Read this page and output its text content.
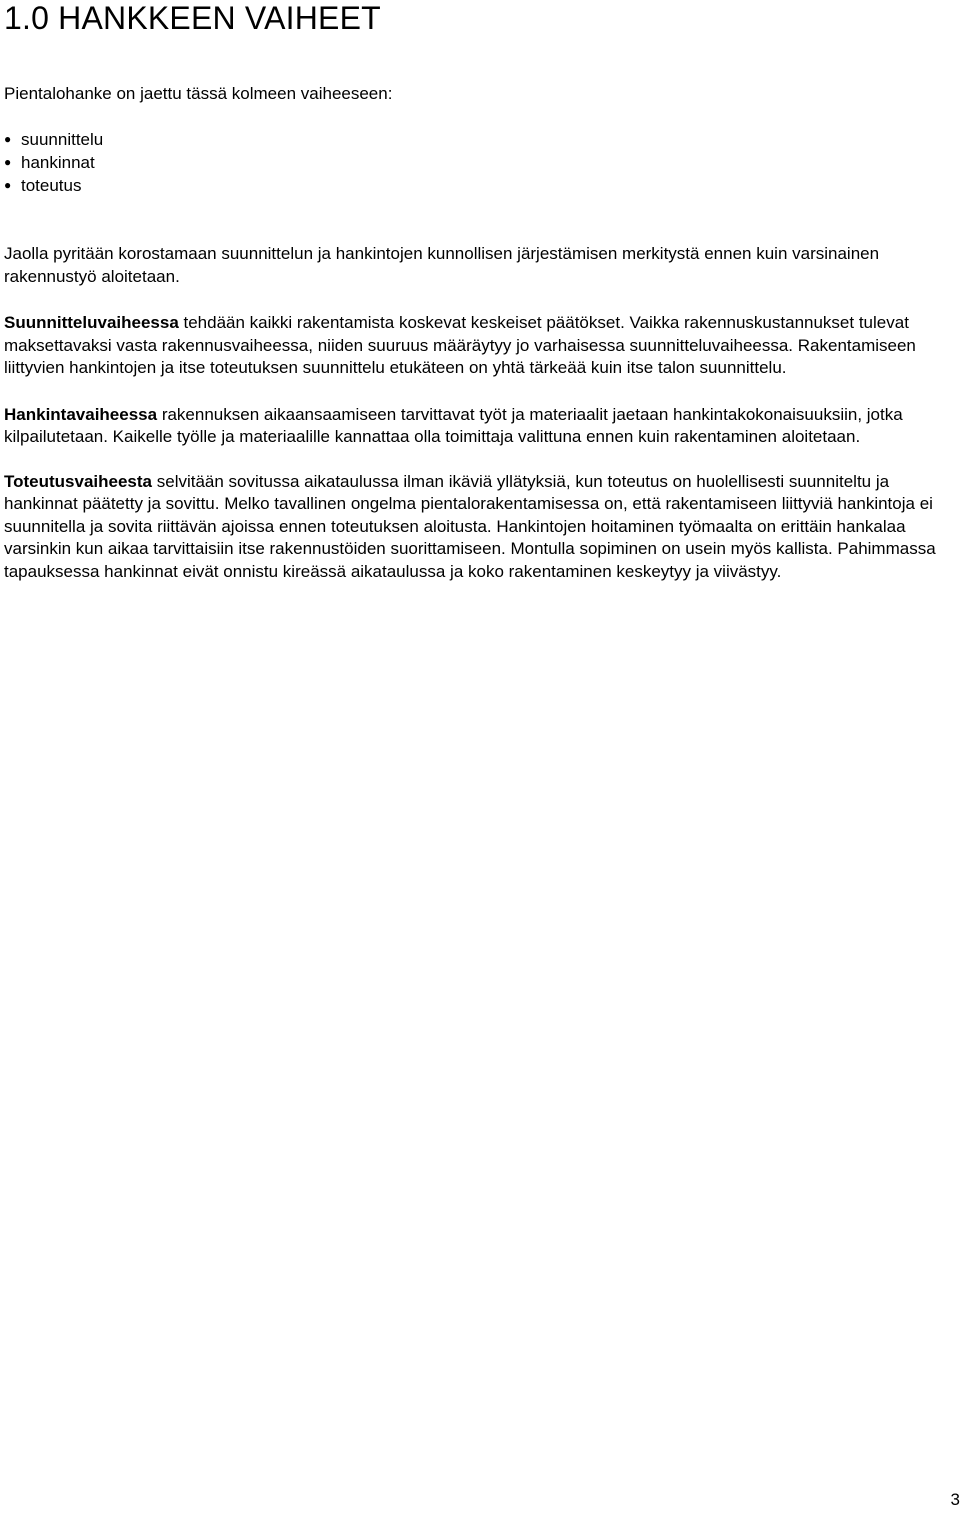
1.0 HANKKEEN VAIHEET

Pientalohanke on jaettu tässä kolmeen vaiheeseen:

● suunnittelu
● hankinnat
● toteutus

Jaolla pyritään korostamaan suunnittelun ja hankintojen kunnollisen järjestämisen merkitystä ennen kuin varsinainen rakennustyö aloitetaan.

Suunnitteluvaiheessa tehdään kaikki rakentamista koskevat keskeiset päätökset. Vaikka rakennuskustannukset tulevat maksettavaksi vasta rakennusvaiheessa, niiden suuruus määräytyy jo varhaisessa suunnitteluvaiheessa. Rakentamiseen liittyvien hankintojen ja itse toteutuksen suunnittelu etukäteen on yhtä tärkeää kuin itse talon suunnittelu.

Hankintavaiheessa rakennuksen aikaansaamiseen tarvittavat työt ja materiaalit jaetaan hankintakokonaisuuksiin, jotka kilpailutetaan. Kaikelle työlle ja materiaalille kannattaa olla toimittaja valittuna ennen kuin rakentaminen aloitetaan.

Toteutusvaiheesta selvitään sovitussa aikataulussa ilman ikäviä yllätyksiä, kun toteutus on huolellisesti suunniteltu ja hankinnat päätetty ja sovittu. Melko tavallinen ongelma pientalorakentamisessa on, että rakentamiseen liittyviä hankintoja ei suunnitella ja sovita riittävän ajoissa ennen toteutuksen aloitusta. Hankintojen hoitaminen työmaalta on erittäin hankalaa varsinkin kun aikaa tarvittaisiin itse rakennustöiden suorittamiseen. Montulla sopiminen on usein myös kallista. Pahimmassa tapauksessa hankinnat eivät onnistu kireässä aikataulussa ja koko rakentaminen keskeytyy ja viivästyy.

3
